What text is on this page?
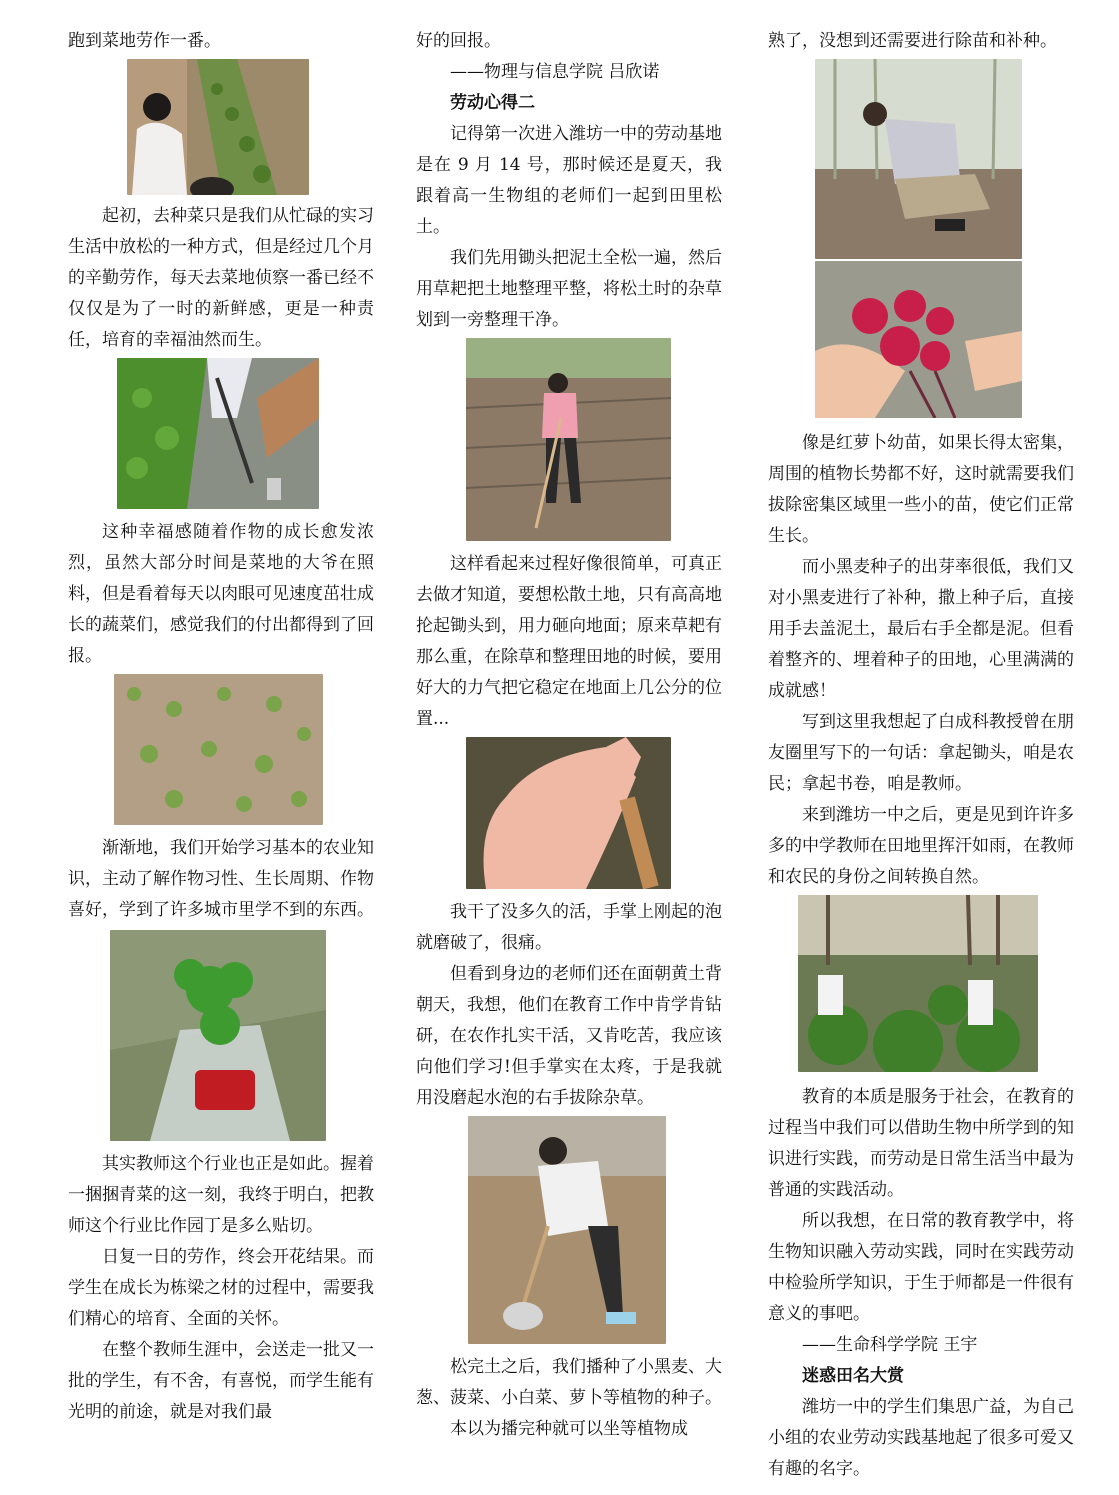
跑到菜地劳作一番。

起初，去种菜只是我们从忙碌的实习生活中放松的一种方式，但是经过几个月的辛勤劳作，每天去菜地侦察一番已经不仅仅是为了一时的新鲜感，更是一种责任，培育的幸福油然而生。

这种幸福感随着作物的成长愈发浓烈，虽然大部分时间是菜地的大爷在照料，但是看着每天以肉眼可见速度茁壮成长的蔬菜们，感觉我们的付出都得到了回报。

渐渐地，我们开始学习基本的农业知识，主动了解作物习性、生长周期、作物喜好，学到了许多城市里学不到的东西。

其实教师这个行业也正是如此。握着一捆捆青菜的这一刻，我终于明白，把教师这个行业比作园丁是多么贴切。

日复一日的劳作，终会开花结果。而学生在成长为栋梁之材的过程中，需要我们精心的培育、全面的关怀。

在整个教师生涯中，会送走一批又一批的学生，有不舍，有喜悦，而学生能有光明的前途，就是对我们最

好的回报。

——物理与信息学院 吕欣诺

劳动心得二

记得第一次进入潍坊一中的劳动基地是在 9 月 14 号，那时候还是夏天，我跟着高一生物组的老师们一起到田里松土。

我们先用锄头把泥土全松一遍，然后用草耙把土地整理平整，将松土时的杂草划到一旁整理干净。

这样看起来过程好像很简单，可真正去做才知道，要想松散土地，只有高高地抡起锄头到，用力砸向地面；原来草耙有那么重，在除草和整理田地的时候，要用好大的力气把它稳定在地面上几公分的位置...

我干了没多久的活，手掌上刚起的泡就磨破了，很痛。

但看到身边的老师们还在面朝黄土背朝天，我想，他们在教育工作中肯学肯钻研，在农作扎实干活，又肯吃苦，我应该向他们学习!但手掌实在太疼，于是我就用没磨起水泡的右手拔除杂草。

松完土之后，我们播种了小黑麦、大葱、菠菜、小白菜、萝卜等植物的种子。

本以为播完种就可以坐等植物成

熟了，没想到还需要进行除苗和补种。

像是红萝卜幼苗，如果长得太密集，周围的植物长势都不好，这时就需要我们拔除密集区域里一些小的苗，使它们正常生长。

而小黑麦种子的出芽率很低，我们又对小黑麦进行了补种，撒上种子后，直接用手去盖泥土，最后右手全都是泥。但看着整齐的、埋着种子的田地，心里满满的成就感！

写到这里我想起了白成科教授曾在朋友圈里写下的一句话：拿起锄头，咱是农民；拿起书卷，咱是教师。

来到潍坊一中之后，更是见到许许多多的中学教师在田地里挥汗如雨，在教师和农民的身份之间转换自然。

教育的本质是服务于社会，在教育的过程当中我们可以借助生物中所学到的知识进行实践，而劳动是日常生活当中最为普通的实践活动。

所以我想，在日常的教育教学中，将生物知识融入劳动实践，同时在实践劳动中检验所学知识，于生于师都是一件很有意义的事吧。

——生命科学学院 王宇

迷惑田名大赏

潍坊一中的学生们集思广益，为自己小组的农业劳动实践基地起了很多可爱又有趣的名字。
